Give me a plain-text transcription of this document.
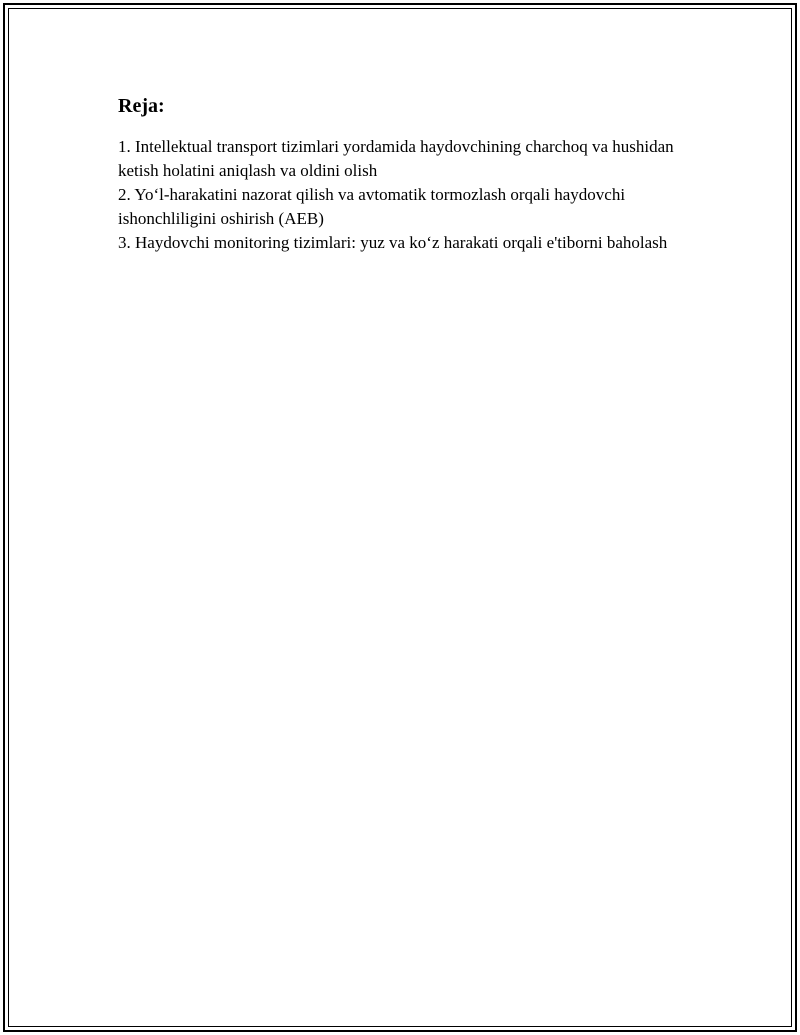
Reja:

1. Intellektual transport tizimlari yordamida haydovchining charchoq va hushidan ketish holatini aniqlash va oldini olish

2. Yo‘l-harakatini nazorat qilish va avtomatik tormozlash orqali haydovchi ishonchliligini oshirish (AEB)

3. Haydovchi monitoring tizimlari: yuz va ko‘z harakati orqali e'tiborni baholash
